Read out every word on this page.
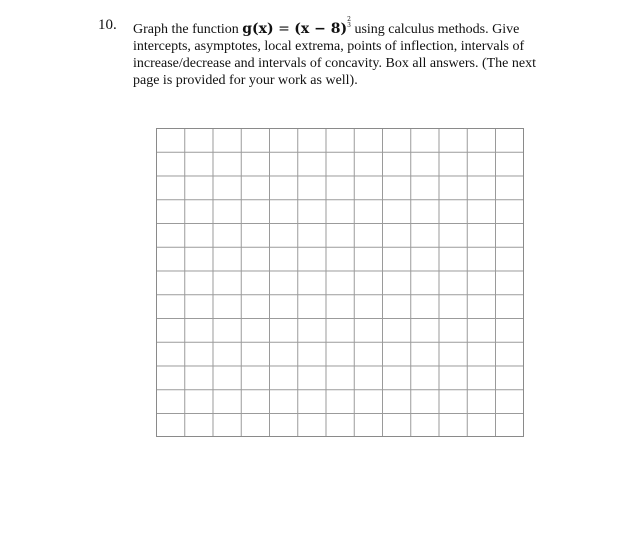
10. Graph the function g(x) = (x − 8)
2
3 using calculus methods. Give intercepts, asymptotes, local extrema, points of inflection, intervals of increase/decrease and intervals of concavity. Box all answers. (The next page is provided for your work as well).
